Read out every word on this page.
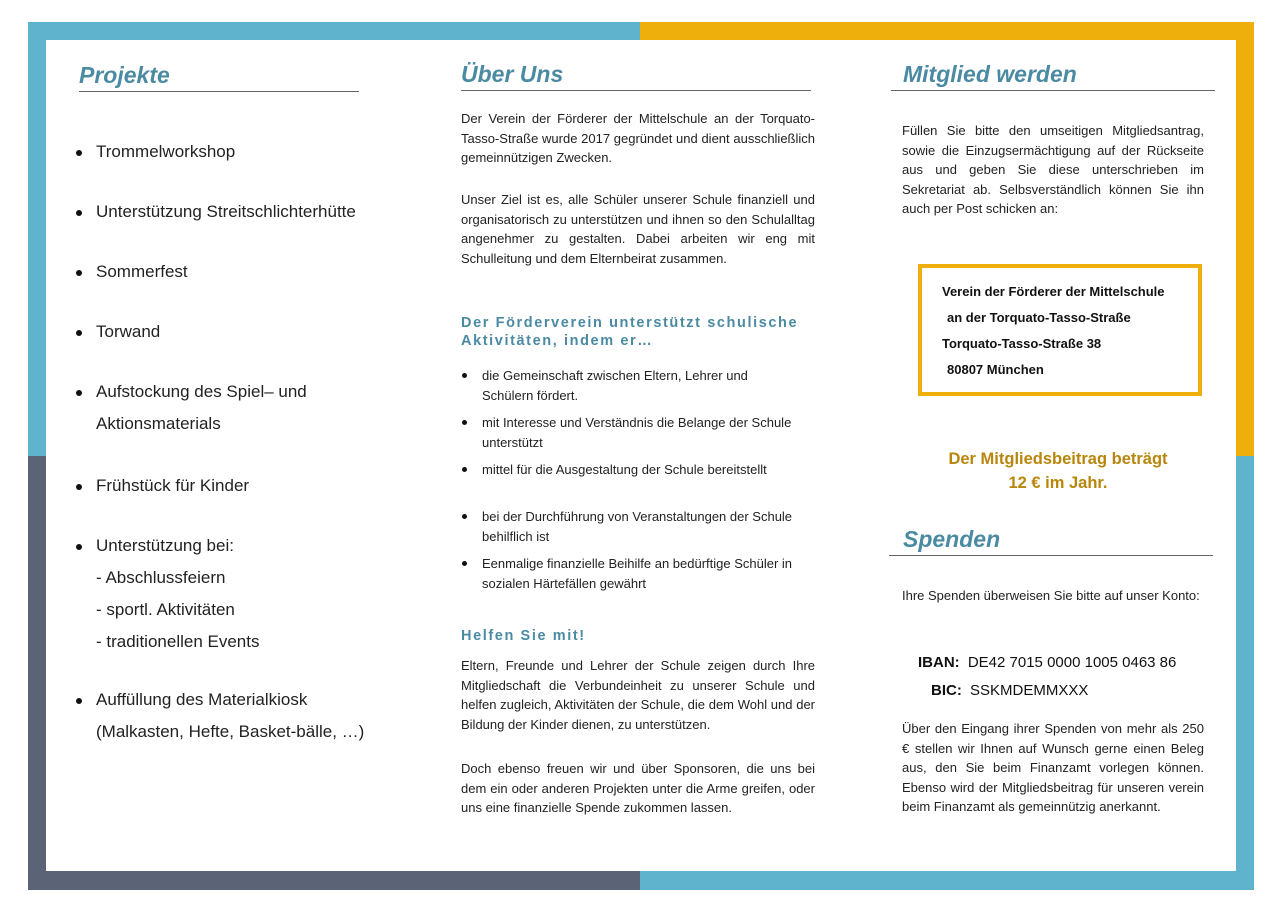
Projekte
Trommelworkshop
Unterstützung Streitschlichterhütte
Sommerfest
Torwand
Aufstockung des Spiel– und
Aktionsmaterials
Frühstück für Kinder
Unterstützung bei:
- Abschlussfeiern
- sportl. Aktivitäten
- traditionellen Events
Auffüllung des Materialkiosk
(Malkasten, Hefte, Basket-bälle, …)
Über Uns

Der Verein der Förderer der Mittelschule an der Torquato-Tasso-Straße wurde 2017 gegründet und dient ausschließlich gemeinnützigen Zwecken.

Unser Ziel ist es, alle Schüler unserer Schule finanziell und organisatorisch zu unterstützen und ihnen so den Schulalltag angenehmer zu gestalten. Dabei arbeiten wir eng mit Schulleitung und dem Elternbeirat zusammen.

Der Förderverein unterstützt schulische Aktivitäten, indem er…

die Gemeinschaft zwischen Eltern, Lehrer und Schülern fördert.
mit Interesse und Verständnis die Belange der Schule unterstützt
mittel für die Ausgestaltung der Schule bereitstellt
bei der Durchführung von Veranstaltungen der Schule behilflich ist
Eenmalige finanzielle Beihilfe an bedürftige Schüler in sozialen Härtefällen gewährt

Helfen Sie mit!

Eltern, Freunde und Lehrer der Schule zeigen durch Ihre Mitgliedschaft die Verbundeinheit zu unserer Schule und helfen zugleich, Aktivitäten der Schule, die dem Wohl und der Bildung der Kinder dienen, zu unterstützen.

Doch ebenso freuen wir und über Sponsoren, die uns bei dem ein oder anderen Projekten unter die Arme greifen, oder uns eine finanzielle Spende zukommen lassen.

Mitglied werden

Füllen Sie bitte den umseitigen Mitgliedsantrag, sowie die Einzugsermächtigung auf der Rückseite aus und geben Sie diese unterschrieben im Sekretariat ab. Selbsverständlich können Sie ihn auch per Post schicken an:

Verein der Förderer der Mittelschule
an der Torquato-Tasso-Straße
Torquato-Tasso-Straße 38
80807 München
Der Mitgliedsbeitrag beträgt
12 € im Jahr.
Spenden

Ihre Spenden überweisen Sie bitte auf unser Konto:

IBAN: DE42 7015 0000 1005 0463 86
BIC: SSKMDEMMXXX

Über den Eingang ihrer Spenden von mehr als 250 € stellen wir Ihnen auf Wunsch gerne einen Beleg aus, den Sie beim Finanzamt vorlegen können. Ebenso wird der Mitgliedsbeitrag für unseren verein beim Finanzamt als gemeinnützig anerkannt.
